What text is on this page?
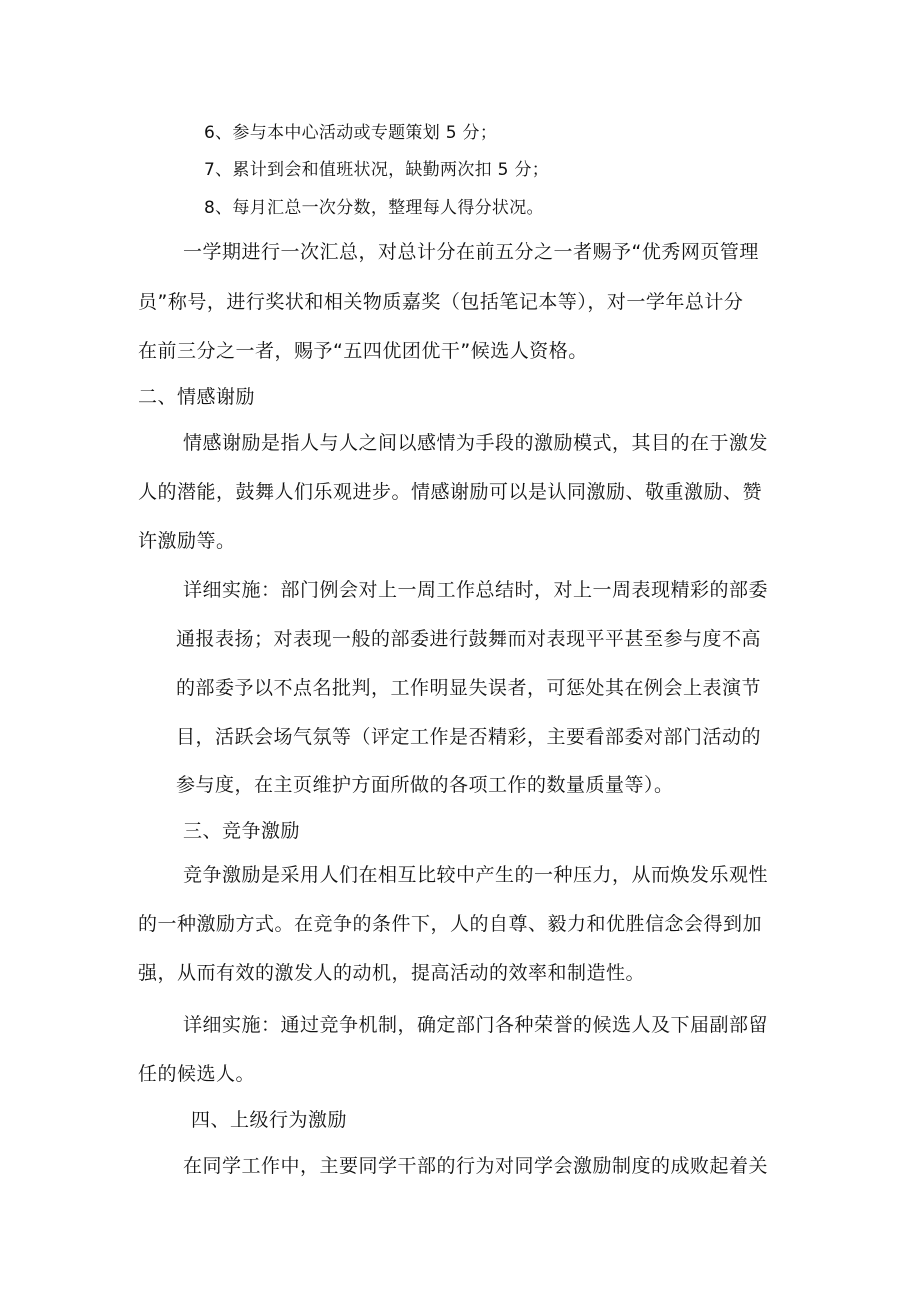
6、参与本中心活动或专题策划 5 分；
7、累计到会和值班状况，缺勤两次扣 5 分；
8、每月汇总一次分数，整理每人得分状况。
一学期进行一次汇总，对总计分在前五分之一者赐予“优秀网页管理
员”称号，进行奖状和相关物质嘉奖（包括笔记本等），对一学年总计分
在前三分之一者，赐予“五四优团优干”候选人资格。
二、情感谢励
情感谢励是指人与人之间以感情为手段的激励模式，其目的在于激发
人的潜能，鼓舞人们乐观进步。情感谢励可以是认同激励、敬重激励、赞
许激励等。
详细实施：部门例会对上一周工作总结时，对上一周表现精彩的部委
通报表扬；对表现一般的部委进行鼓舞而对表现平平甚至参与度不高
的部委予以不点名批判，工作明显失误者，可惩处其在例会上表演节
目，活跃会场气氛等（评定工作是否精彩，主要看部委对部门活动的
参与度，在主页维护方面所做的各项工作的数量质量等）。
三、竞争激励
竞争激励是采用人们在相互比较中产生的一种压力，从而焕发乐观性
的一种激励方式。在竞争的条件下，人的自尊、毅力和优胜信念会得到加
强，从而有效的激发人的动机，提高活动的效率和制造性。
详细实施：通过竞争机制，确定部门各种荣誉的候选人及下届副部留
任的候选人。
四、上级行为激励
在同学工作中，主要同学干部的行为对同学会激励制度的成败起着关
